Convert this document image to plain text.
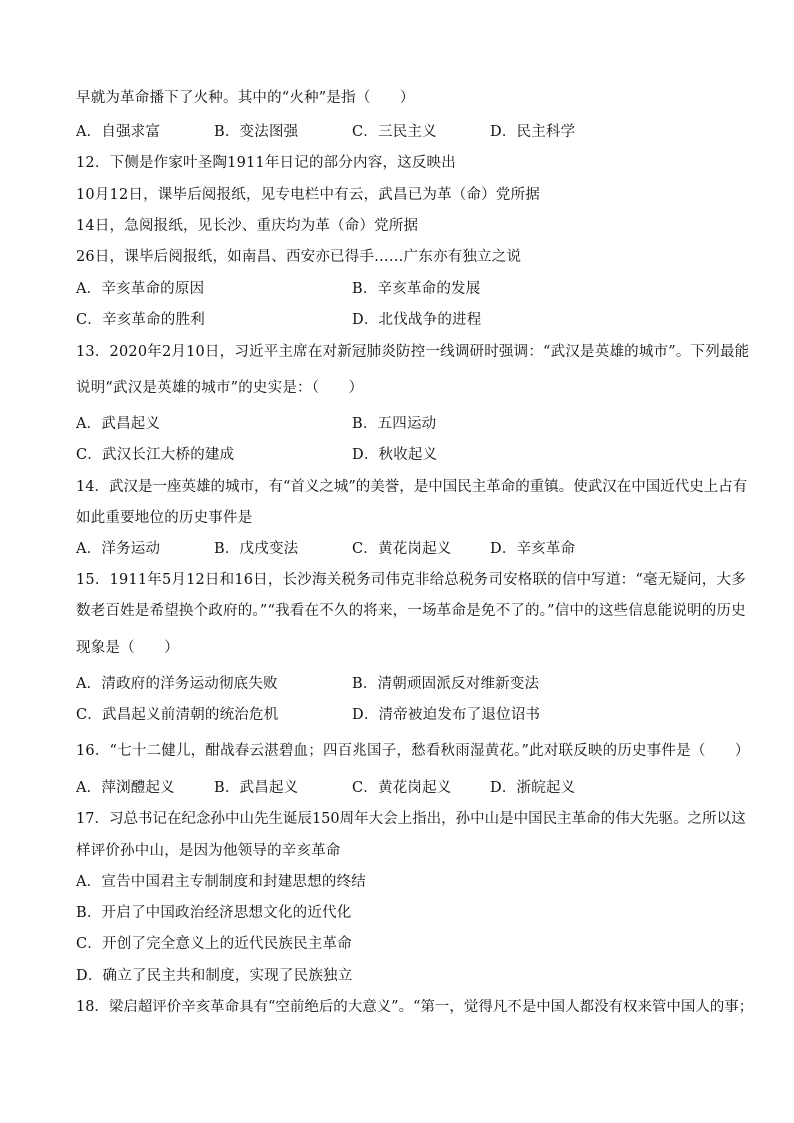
早就为革命播下了火种。其中的“火种”是指（　　）
A．自强求富	B．变法图强	C．三民主义	D．民主科学
12．下侧是作家叶圣陶1911年日记的部分内容，这反映出
10月12日，课毕后阅报纸，见专电栏中有云，武昌已为革（命）党所据
14日，急阅报纸，见长沙、重庆均为革（命）党所据
26日，课毕后阅报纸，如南昌、西安亦已得手……广东亦有独立之说
A．辛亥革命的原因	B．辛亥革命的发展
C．辛亥革命的胜利	D．北伐战争的进程
13．2020年2月10日，习近平主席在对新冠肺炎防控一线调研时强调：“武汉是英雄的城市”。下列最能
说明“武汉是英雄的城市”的史实是：（　　）
A．武昌起义	B．五四运动
C．武汉长江大桥的建成	D．秋收起义
14．武汉是一座英雄的城市，有“首义之城”的美誉，是中国民主革命的重镇。使武汉在中国近代史上占有
如此重要地位的历史事件是
A．洋务运动	B．戊戌变法	C．黄花岗起义	D．辛亥革命
15．1911年5月12日和16日，长沙海关税务司伟克非给总税务司安格联的信中写道：“毫无疑问，大多
数老百姓是希望换个政府的。”“我看在不久的将来，一场革命是免不了的。”信中的这些信息能说明的历史
现象是（　　）
A．清政府的洋务运动彻底失败	B．清朝顽固派反对维新变法
C．武昌起义前清朝的统治危机	D．清帝被迫发布了退位诏书
16．“七十二健儿，酣战春云湛碧血；四百兆国子，愁看秋雨湿黄花。”此对联反映的历史事件是（　　）
A．萍浏醴起义	B．武昌起义	C．黄花岗起义	D．浙皖起义
17．习总书记在纪念孙中山先生诞辰150周年大会上指出，孙中山是中国民主革命的伟大先驱。之所以这
样评价孙中山，是因为他领导的辛亥革命
A．宣告中国君主专制制度和封建思想的终结
B．开启了中国政治经济思想文化的近代化
C．开创了完全意义上的近代民族民主革命
D．确立了民主共和制度，实现了民族独立
18．梁启超评价辛亥革命具有“空前绝后的大意义”。“第一，觉得凡不是中国人都没有权来管中国人的事；
